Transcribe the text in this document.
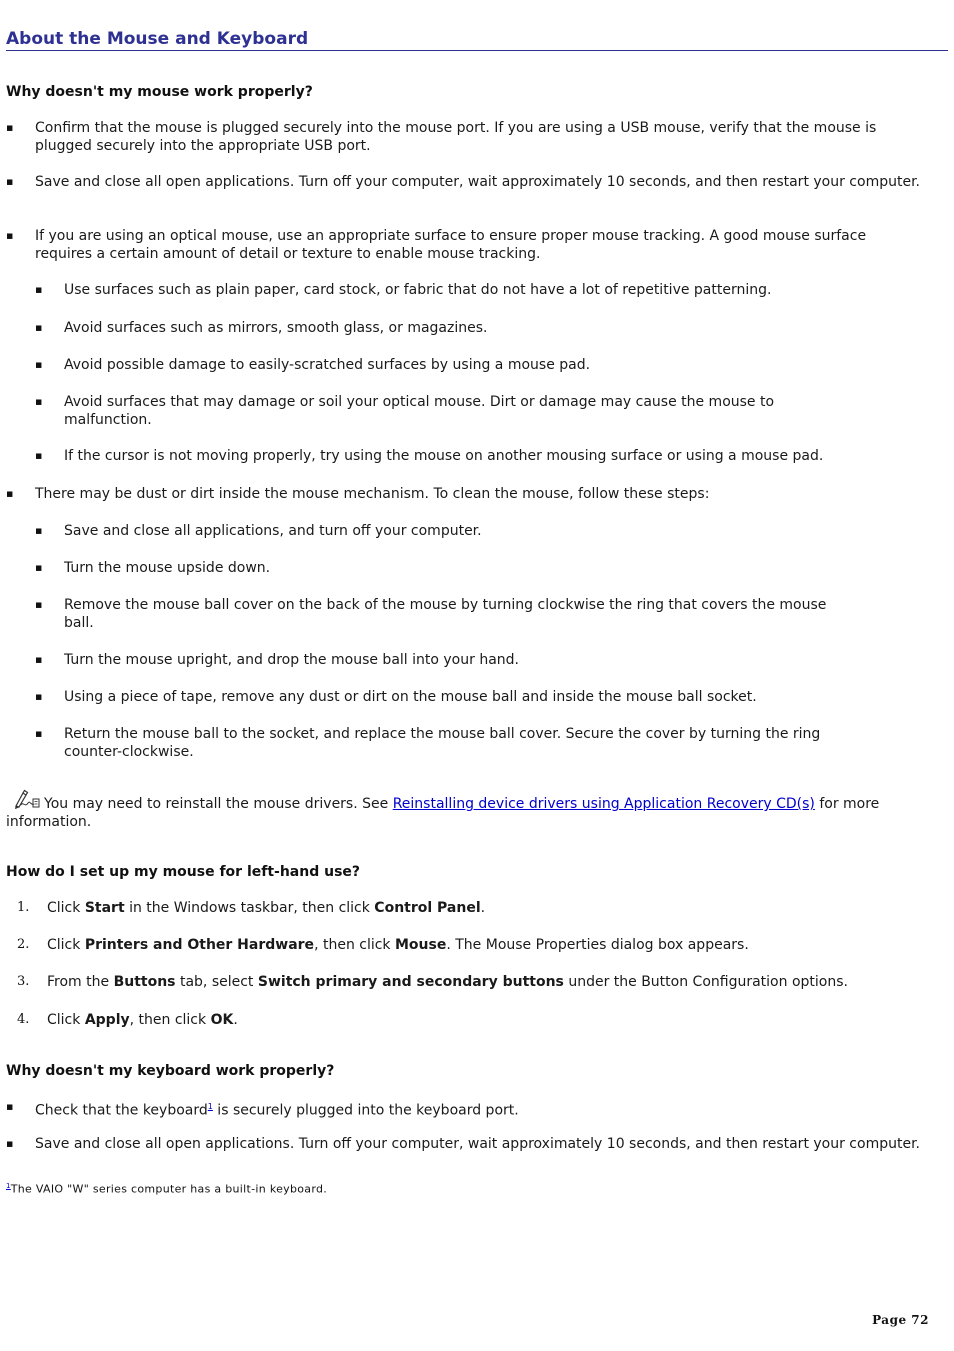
About the Mouse and Keyboard

Why doesn't my mouse work properly?

▪ Confirm that the mouse is plugged securely into the mouse port. If you are using a USB mouse, verify that the mouse is plugged securely into the appropriate USB port.

▪ Save and close all open applications. Turn off your computer, wait approximately 10 seconds, and then restart your computer.

▪ If you are using an optical mouse, use an appropriate surface to ensure proper mouse tracking. A good mouse surface requires a certain amount of detail or texture to enable mouse tracking.

▪ Use surfaces such as plain paper, card stock, or fabric that do not have a lot of repetitive patterning.

▪ Avoid surfaces such as mirrors, smooth glass, or magazines.

▪ Avoid possible damage to easily-scratched surfaces by using a mouse pad.

▪ Avoid surfaces that may damage or soil your optical mouse. Dirt or damage may cause the mouse to malfunction.

▪ If the cursor is not moving properly, try using the mouse on another mousing surface or using a mouse pad.

▪ There may be dust or dirt inside the mouse mechanism. To clean the mouse, follow these steps:

▪ Save and close all applications, and turn off your computer.

▪ Turn the mouse upside down.

▪ Remove the mouse ball cover on the back of the mouse by turning clockwise the ring that covers the mouse ball.

▪ Turn the mouse upright, and drop the mouse ball into your hand.

▪ Using a piece of tape, remove any dust or dirt on the mouse ball and inside the mouse ball socket.

▪ Return the mouse ball to the socket, and replace the mouse ball cover. Secure the cover by turning the ring counter-clockwise.

You may need to reinstall the mouse drivers. See Reinstalling device drivers using Application Recovery CD(s) for more information.

How do I set up my mouse for left-hand use?

1. Click Start in the Windows taskbar, then click Control Panel.

2. Click Printers and Other Hardware, then click Mouse. The Mouse Properties dialog box appears.

3. From the Buttons tab, select Switch primary and secondary buttons under the Button Configuration options.

4. Click Apply, then click OK.

Why doesn't my keyboard work properly?

▪ Check that the keyboard$^1$ is securely plugged into the keyboard port.

▪ Save and close all open applications. Turn off your computer, wait approximately 10 seconds, and then restart your computer.

$^1$The VAIO "W" series computer has a built-in keyboard.

Page 72
